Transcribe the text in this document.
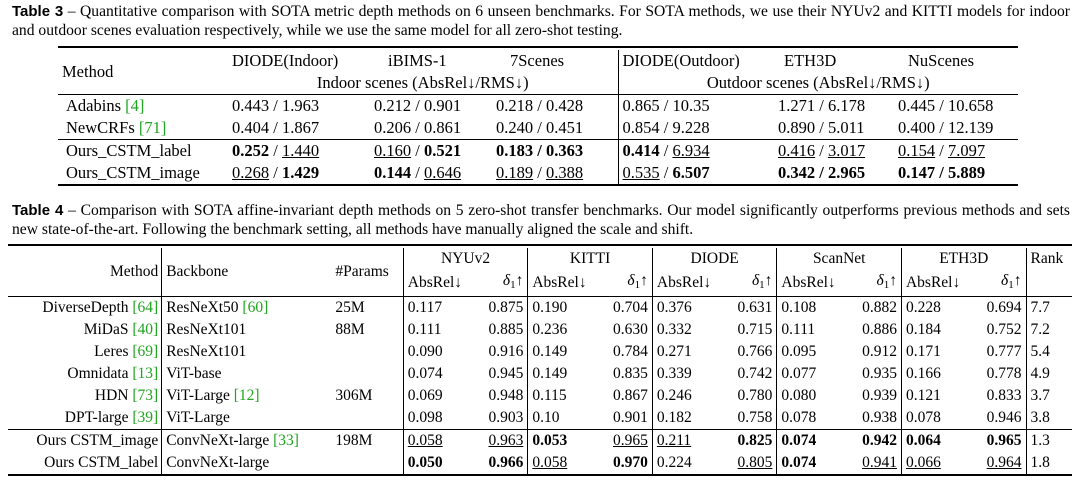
Table 3 – Quantitative comparison with SOTA metric depth methods on 6 unseen benchmarks. For SOTA methods, we use their NYUv2 and KITTI models for indoor and outdoor scenes evaluation respectively, while we use the same model for all zero-shot testing.
Method	DIODE(Indoor)	iBIMS-1	7Scenes	DIODE(Outdoor)	ETH3D	NuScenes
	Indoor scenes (AbsRel↓/RMS↓)			Outdoor scenes (AbsRel↓/RMS↓)		
Adabins [4]	0.443 / 1.963	0.212 / 0.901	0.218 / 0.428	0.865 / 10.35	1.271 / 6.178	0.445 / 10.658
NewCRFs [71]	0.404 / 1.867	0.206 / 0.861	0.240 / 0.451	0.854 / 9.228	0.890 / 5.011	0.400 / 12.139
Ours_CSTM_label	0.252 / 1.440	0.160 / 0.521	0.183 / 0.363	0.414 / 6.934	0.416 / 3.017	0.154 / 7.097
Ours_CSTM_image	0.268 / 1.429	0.144 / 0.646	0.189 / 0.388	0.535 / 6.507	0.342 / 2.965	0.147 / 5.889
Table 4 – Comparison with SOTA affine-invariant depth methods on 5 zero-shot transfer benchmarks. Our model significantly outperforms previous methods and sets new state-of-the-art. Following the benchmark setting, all methods have manually aligned the scale and shift.
Method	Backbone	#Params	NYUv2		KITTI		DIODE		ScanNet		ETH3D		Rank
			AbsRel↓	$\delta_1↑$	AbsRel↓	$\delta_1↑$	AbsRel↓	$\delta_1↑$	AbsRel↓	$\delta_1↑$	AbsRel↓	$\delta_1↑$	
DiverseDepth [64]	ResNeXt50 [60]	25M	0.117	0.875	0.190	0.704	0.376	0.631	0.108	0.882	0.228	0.694	7.7
MiDaS [40]	ResNeXt101	88M	0.111	0.885	0.236	0.630	0.332	0.715	0.111	0.886	0.184	0.752	7.2
Leres [69]	ResNeXt101		0.090	0.916	0.149	0.784	0.271	0.766	0.095	0.912	0.171	0.777	5.4
Omnidata [13]	ViT-base		0.074	0.945	0.149	0.835	0.339	0.742	0.077	0.935	0.166	0.778	4.9
HDN [73]	ViT-Large [12]	306M	0.069	0.948	0.115	0.867	0.246	0.780	0.080	0.939	0.121	0.833	3.7
DPT-large [39]	ViT-Large		0.098	0.903	0.10	0.901	0.182	0.758	0.078	0.938	0.078	0.946	3.8
Ours CSTM_image	ConvNeXt-large [33]	198M	0.058	0.963	0.053	0.965	0.211	0.825	0.074	0.942	0.064	0.965	1.3
Ours CSTM_label	ConvNeXt-large		0.050	0.966	0.058	0.970	0.224	0.805	0.074	0.941	0.066	0.964	1.8
